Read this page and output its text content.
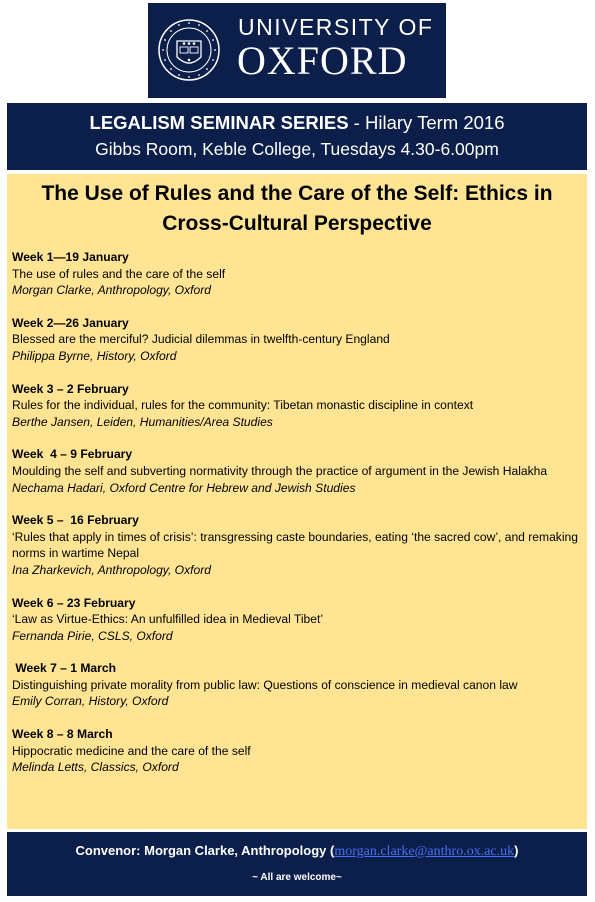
UNIVERSITY OF
OXFORD
LEGALISM SEMINAR SERIES - Hilary Term 2016
Gibbs Room, Keble College, Tuesdays 4.30-6.00pm
The Use of Rules and the Care of the Self: Ethics in
Cross-Cultural Perspective
Week 1—19 January
The use of rules and the care of the self
Morgan Clarke, Anthropology, Oxford
Week 2—26 January
Blessed are the merciful? Judicial dilemmas in twelfth-century England
Philippa Byrne, History, Oxford
Week 3 – 2 February
Rules for the individual, rules for the community: Tibetan monastic discipline in context
Berthe Jansen, Leiden, Humanities/Area Studies
Week  4 – 9 February
Moulding the self and subverting normativity through the practice of argument in the Jewish Halakha
Nechama Hadari, Oxford Centre for Hebrew and Jewish Studies
Week 5 –  16 February
‘Rules that apply in times of crisis’: transgressing caste boundaries, eating ‘the sacred cow’, and remaking norms in wartime Nepal
Ina Zharkevich, Anthropology, Oxford
Week 6 – 23 February
‘Law as Virtue-Ethics: An unfulfilled idea in Medieval Tibet’
Fernanda Pirie, CSLS, Oxford
Week 7 – 1 March
Distinguishing private morality from public law: Questions of conscience in medieval canon law
Emily Corran, History, Oxford
Week 8 – 8 March
Hippocratic medicine and the care of the self
Melinda Letts, Classics, Oxford
Convenor: Morgan Clarke, Anthropology (morgan.clarke@anthro.ox.ac.uk)
~ All are welcome~
